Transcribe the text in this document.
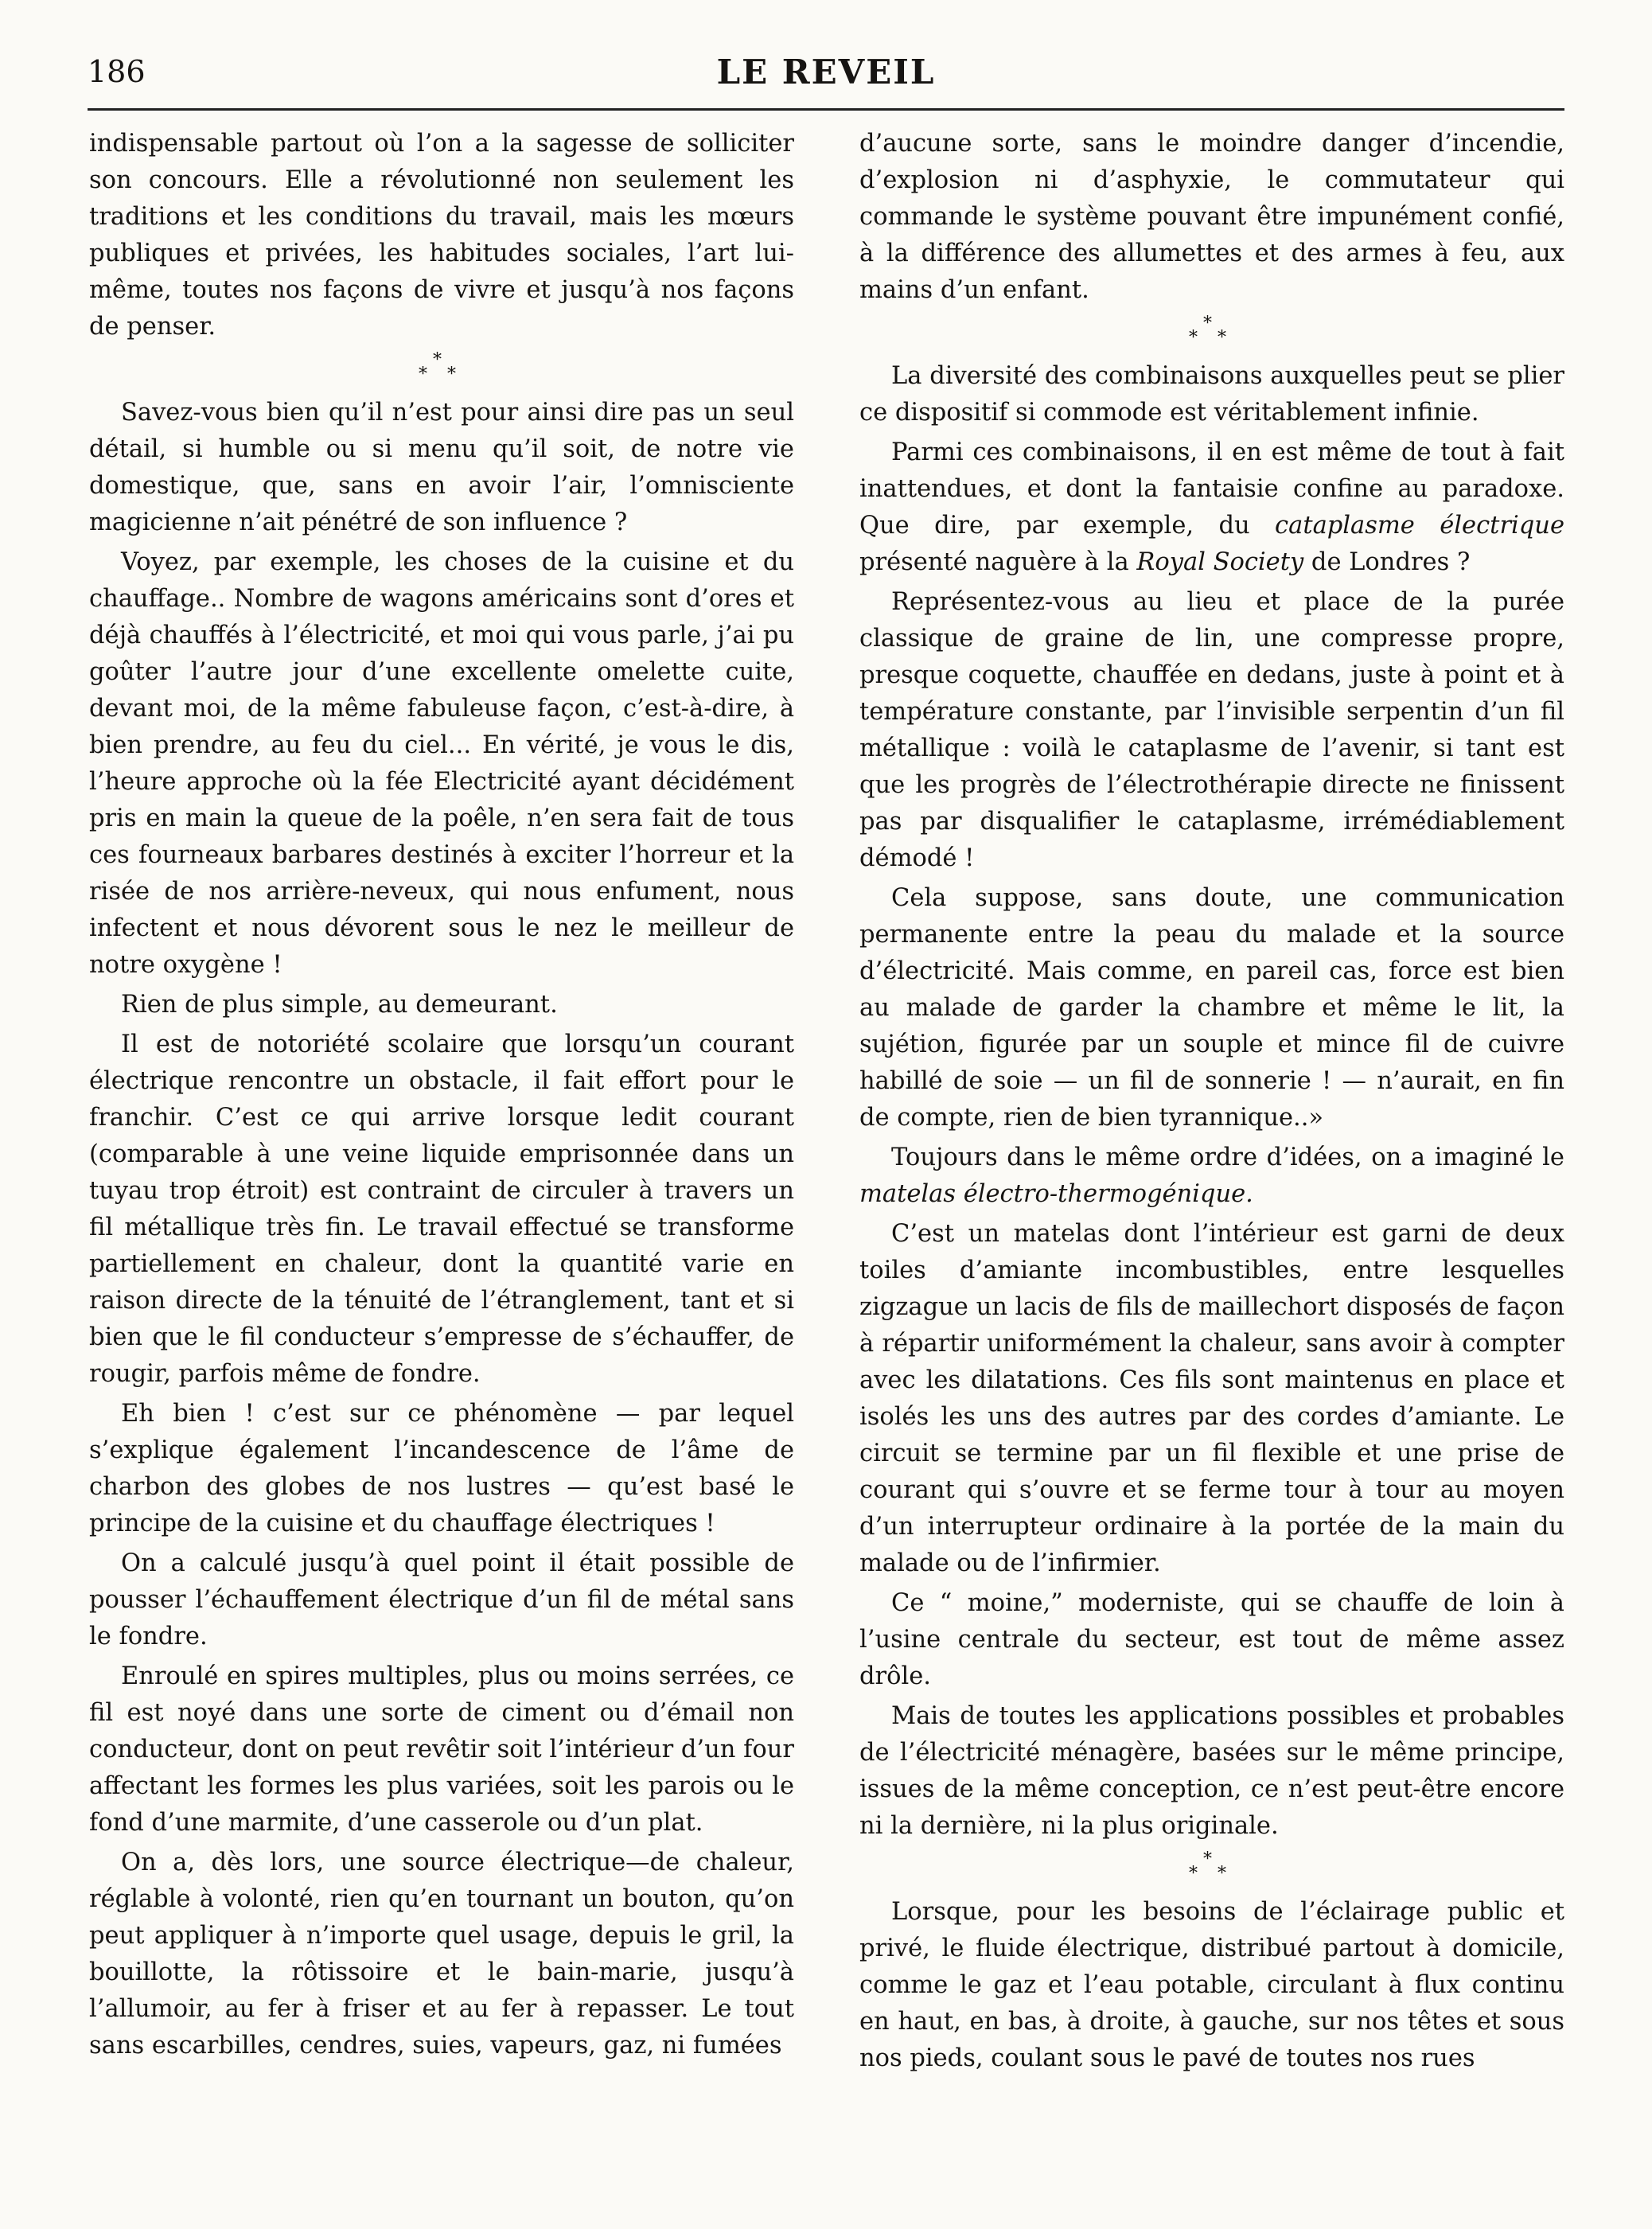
186	LE REVEIL

indispensable partout où l’on a la sagesse de solliciter son concours. Elle a révolutionné non seulement les traditions et les conditions du travail, mais les mœurs publiques et privées, les habitudes sociales, l’art lui-même, toutes nos façons de vivre et jusqu’à nos façons de penser.

*
* *

Savez-vous bien qu’il n’est pour ainsi dire pas un seul détail, si humble ou si menu qu’il soit, de notre vie domestique, que, sans en avoir l’air, l’omnisciente magicienne n’ait pénétré de son influence ?

Voyez, par exemple, les choses de la cuisine et du chauffage.. Nombre de wagons américains sont d’ores et déjà chauffés à l’électricité, et moi qui vous parle, j’ai pu goûter l’autre jour d’une excellente omelette cuite, devant moi, de la même fabuleuse façon, c’est-à-dire, à bien prendre, au feu du ciel... En vérité, je vous le dis, l’heure approche où la fée Electricité ayant décidément pris en main la queue de la poêle, n’en sera fait de tous ces fourneaux barbares destinés à exciter l’horreur et la risée de nos arrière-neveux, qui nous enfument, nous infectent et nous dévorent sous le nez le meilleur de notre oxygène !

Rien de plus simple, au demeurant.

Il est de notoriété scolaire que lorsqu’un courant électrique rencontre un obstacle, il fait effort pour le franchir. C’est ce qui arrive lorsque ledit courant (comparable à une veine liquide emprisonnée dans un tuyau trop étroit) est contraint de circuler à travers un fil métallique très fin. Le travail effectué se transforme partiellement en chaleur, dont la quantité varie en raison directe de la ténuité de l’étranglement, tant et si bien que le fil conducteur s’empresse de s’échauffer, de rougir, parfois même de fondre.

Eh bien ! c’est sur ce phénomène — par lequel s’explique également l’incandescence de l’âme de charbon des globes de nos lustres — qu’est basé le principe de la cuisine et du chauffage électriques !

On a calculé jusqu’à quel point il était possible de pousser l’échauffement électrique d’un fil de métal sans le fondre.

Enroulé en spires multiples, plus ou moins serrées, ce fil est noyé dans une sorte de ciment ou d’émail non conducteur, dont on peut revêtir soit l’intérieur d’un four affectant les formes les plus variées, soit les parois ou le fond d’une marmite, d’une casserole ou d’un plat.

On a, dès lors, une source électrique—de chaleur, réglable à volonté, rien qu’en tournant un bouton, qu’on peut appliquer à n’importe quel usage, depuis le gril, la bouillotte, la rôtissoire et le bain-marie, jusqu’à l’allumoir, au fer à friser et au fer à repasser. Le tout sans escarbilles, cendres, suies, vapeurs, gaz, ni fumées

d’aucune sorte, sans le moindre danger d’incendie, d’explosion ni d’asphyxie, le commutateur qui commande le système pouvant être impunément confié, à la différence des allumettes et des armes à feu, aux mains d’un enfant.

*
* *

La diversité des combinaisons auxquelles peut se plier ce dispositif si commode est véritablement infinie.

Parmi ces combinaisons, il en est même de tout à fait inattendues, et dont la fantaisie confine au paradoxe. Que dire, par exemple, du cataplasme électrique présenté naguère à la Royal Society de Londres ?

Représentez-vous au lieu et place de la purée classique de graine de lin, une compresse propre, presque coquette, chauffée en dedans, juste à point et à température constante, par l’invisible serpentin d’un fil métallique : voilà le cataplasme de l’avenir, si tant est que les progrès de l’électrothérapie directe ne finissent pas par disqualifier le cataplasme, irrémédiablement démodé !

Cela suppose, sans doute, une communication permanente entre la peau du malade et la source d’électricité. Mais comme, en pareil cas, force est bien au malade de garder la chambre et même le lit, la sujétion, figurée par un souple et mince fil de cuivre habillé de soie — un fil de sonnerie ! — n’aurait, en fin de compte, rien de bien tyrannique..»

Toujours dans le même ordre d’idées, on a imaginé le matelas électro-thermogénique.

C’est un matelas dont l’intérieur est garni de deux toiles d’amiante incombustibles, entre lesquelles zigzague un lacis de fils de maillechort disposés de façon à répartir uniformément la chaleur, sans avoir à compter avec les dilatations. Ces fils sont maintenus en place et isolés les uns des autres par des cordes d’amiante. Le circuit se termine par un fil flexible et une prise de courant qui s’ouvre et se ferme tour à tour au moyen d’un interrupteur ordinaire à la portée de la main du malade ou de l’infirmier.

Ce “ moine,” moderniste, qui se chauffe de loin à l’usine centrale du secteur, est tout de même assez drôle.

Mais de toutes les applications possibles et probables de l’électricité ménagère, basées sur le même principe, issues de la même conception, ce n’est peut-être encore ni la dernière, ni la plus originale.

*
* *

Lorsque, pour les besoins de l’éclairage public et privé, le fluide électrique, distribué partout à domicile, comme le gaz et l’eau potable, circulant à flux continu en haut, en bas, à droite, à gauche, sur nos têtes et sous nos pieds, coulant sous le pavé de toutes nos rues
